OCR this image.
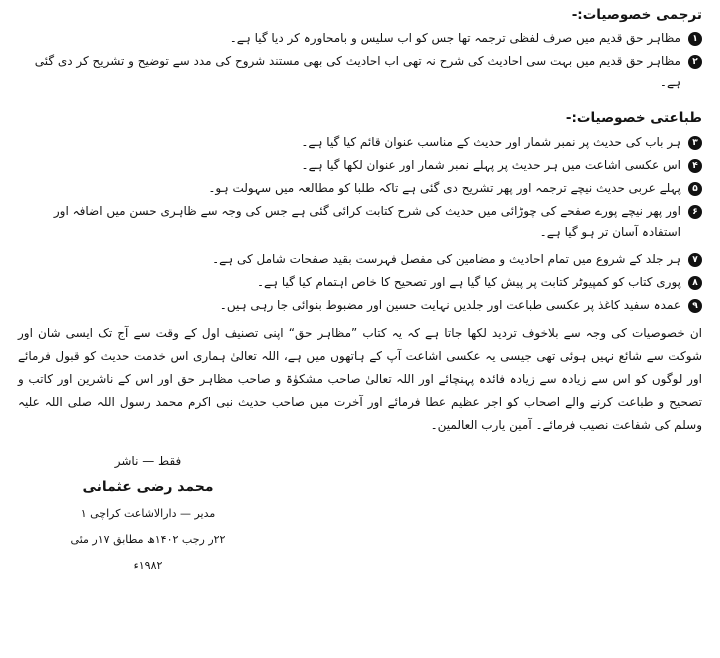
ترجمی خصوصیات:-
۱
مظاہر حق قدیم میں صرف لفظی ترجمہ تھا جس کو اب سلیس و بامحاورہ کر دیا گیا ہے۔
۲
مظاہر حق قدیم میں بہت سی احادیث کی شرح نہ تھی اب احادیث کی بھی مستند شروح کی مدد سے توضیح و تشریح کر دی گئی ہے۔
طباعتی خصوصیات:-
۳
ہر باب کی حدیث پر نمبر شمار اور حدیث کے مناسب عنوان قائم کیا گیا ہے۔
۴
اس عکسی اشاعت میں ہر حدیث پر پہلے نمبر شمار اور عنوان لکھا گیا ہے۔
۵
پہلے عربی حدیث نیچے ترجمہ اور پھر تشریح دی گئی ہے تاکہ طلبا کو مطالعہ میں سہولت ہو۔
۶
اور پھر نیچے پورے صفحے کی چوڑائی میں حدیث کی شرح کتابت کرائی گئی ہے جس کی وجہ سے ظاہری حسن میں اضافہ اور استفادہ آسان تر ہو گیا ہے۔
۷
ہر جلد کے شروع میں تمام احادیث و مضامین کی مفصل فہرست بقید صفحات شامل کی ہے۔
۸
پوری کتاب کو کمپیوٹر کتابت پر پیش کیا گیا ہے اور تصحیح کا خاص اہتمام کیا گیا ہے۔
۹
عمدہ سفید کاغذ پر عکسی طباعت اور جلدیں نہایت حسین اور مضبوط بنوائی جا رہی ہیں۔

ان خصوصیات کی وجہ سے بلاخوف تردید لکھا جاتا ہے کہ یہ کتاب ”مظاہر حق“ اپنی تصنیف اول کے وقت سے آج تک ایسی شان اور شوکت سے شائع نہیں ہوئی تھی جیسی یہ عکسی اشاعت آپ کے ہاتھوں میں ہے، اللہ تعالیٰ ہماری اس خدمت حدیث کو قبول فرمائے اور لوگوں کو اس سے زیادہ سے زیادہ فائدہ پہنچائے اور اللہ تعالیٰ صاحب مشکوٰۃ و صاحب مظاہر حق اور اس کے ناشرین اور کاتب و تصحیح و طباعت کرنے والے اصحاب کو اجر عظیم عطا فرمائے اور آخرت میں صاحب حدیث نبی اکرم محمد رسول اللہ صلی اللہ علیہ وسلم کی شفاعت نصیب فرمائے۔ آمین یارب العالمین۔

فقط — ناشر
محمد رضی عثمانی
مدیر — دارالاشاعت کراچی ۱
۲۲ر رجب ۱۴۰۲ھ مطابق ۱۷ر مئی ۱۹۸۲ء
